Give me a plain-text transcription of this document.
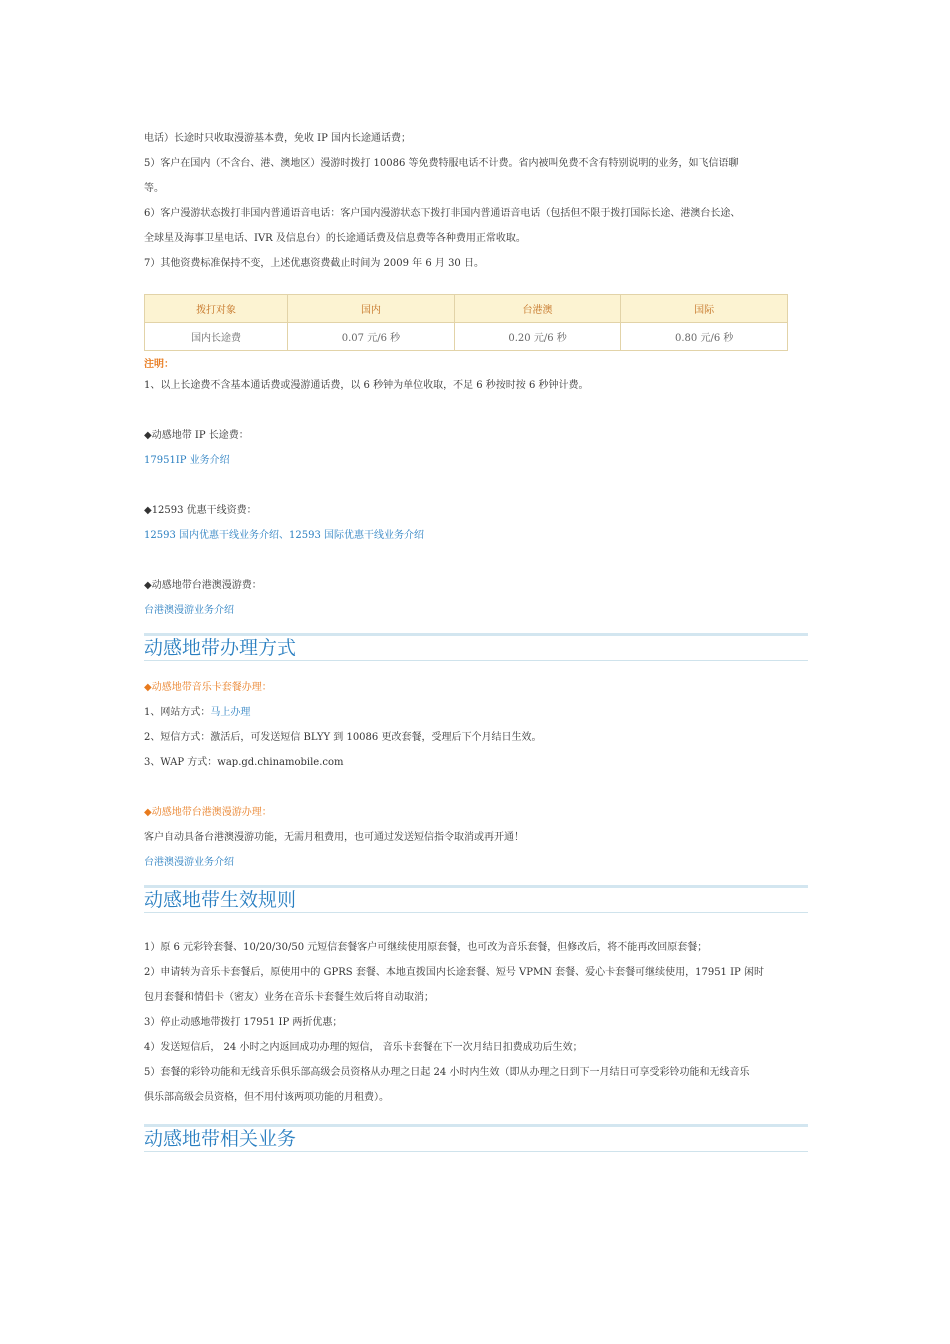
电话）长途时只收取漫游基本费，免收 IP 国内长途通话费；

5）客户在国内（不含台、港、澳地区）漫游时拨打 10086 等免费特服电话不计费。省内被叫免费不含有特别说明的业务，如飞信语聊

等。

6）客户漫游状态拨打非国内普通语音电话：客户国内漫游状态下拨打非国内普通语音电话（包括但不限于拨打国际长途、港澳台长途、

全球星及海事卫星电话、IVR 及信息台）的长途通话费及信息费等各种费用正常收取。

7）其他资费标准保持不变，上述优惠资费截止时间为 2009 年 6 月 30 日。

拨打对象	国内	台港澳	国际
国内长途费	0.07 元/6 秒	0.20 元/6 秒	0.80 元/6 秒

注明：

1、以上长途费不含基本通话费或漫游通话费，以 6 秒钟为单位收取，不足 6 秒按时按 6 秒钟计费。

◆动感地带 IP 长途费：

17951IP 业务介绍

◆12593 优惠干线资费：

12593 国内优惠干线业务介绍、12593 国际优惠干线业务介绍

◆动感地带台港澳漫游费：

台港澳漫游业务介绍

动感地带办理方式

◆动感地带音乐卡套餐办理：

1、网站方式：马上办理

2、短信方式：激活后，可发送短信 BLYY 到 10086 更改套餐，受理后下个月结日生效。

3、WAP 方式：wap.gd.chinamobile.com

◆动感地带台港澳漫游办理：

客户自动具备台港澳漫游功能，无需月租费用，也可通过发送短信指令取消或再开通！

台港澳漫游业务介绍

动感地带生效规则

1）原 6 元彩铃套餐、10/20/30/50 元短信套餐客户可继续使用原套餐，也可改为音乐套餐，但修改后，将不能再改回原套餐；

2）申请转为音乐卡套餐后，原使用中的 GPRS 套餐、本地直拨国内长途套餐、短号 VPMN 套餐、爱心卡套餐可继续使用，17951 IP 闲时

包月套餐和情侣卡（密友）业务在音乐卡套餐生效后将自动取消；

3）停止动感地带拨打 17951 IP 两折优惠；

4）发送短信后， 24 小时之内返回成功办理的短信， 音乐卡套餐在下一次月结日扣费成功后生效；

5）套餐的彩铃功能和无线音乐俱乐部高级会员资格从办理之日起 24 小时内生效（即从办理之日到下一月结日可享受彩铃功能和无线音乐

俱乐部高级会员资格，但不用付该两项功能的月租费）。

动感地带相关业务
